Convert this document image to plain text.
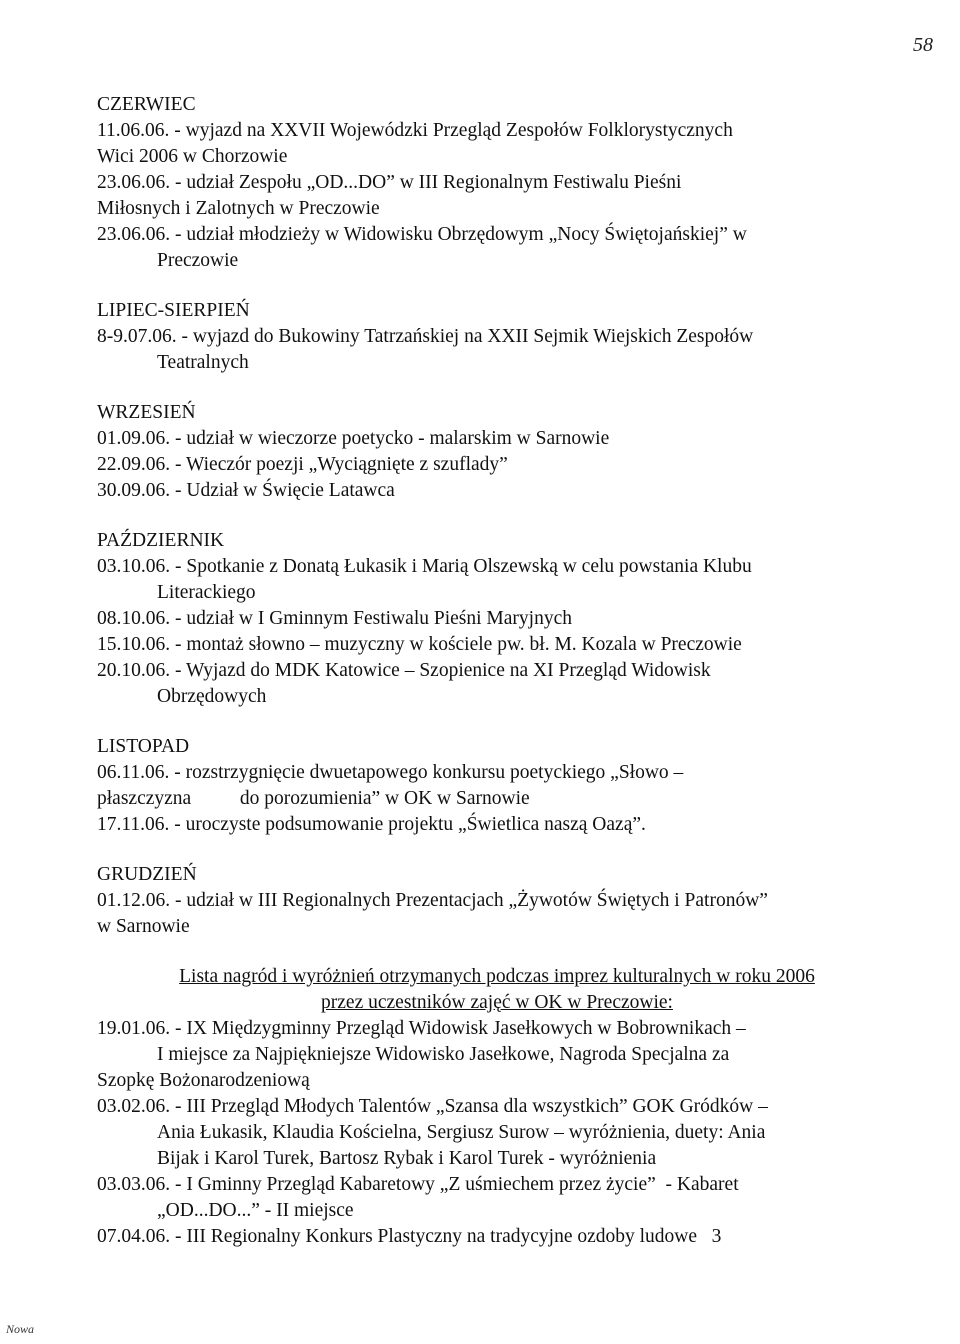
58
CZERWIEC
11.06.06. - wyjazd na XXVII Wojewódzki Przegląd Zespołów Folklorystycznych
Wici 2006 w Chorzowie
23.06.06. - udział Zespołu „OD...DO” w III Regionalnym Festiwalu Pieśni
Miłosnych i Zalotnych w Preczowie
23.06.06. - udział młodzieży w Widowisku Obrzędowym „Nocy Świętojańskiej” w
Preczowie
LIPIEC-SIERPIEŃ
8-9.07.06. - wyjazd do Bukowiny Tatrzańskiej na XXII Sejmik Wiejskich Zespołów
Teatralnych
WRZESIEŃ
01.09.06. - udział w wieczorze poetycko - malarskim w Sarnowie
22.09.06. - Wieczór poezji „Wyciągnięte z szuflady”
30.09.06. - Udział w Święcie Latawca
PAŹDZIERNIK
03.10.06. - Spotkanie z Donatą Łukasik i Marią Olszewską w celu powstania Klubu
Literackiego
08.10.06. - udział w I Gminnym Festiwalu Pieśni Maryjnych
15.10.06. - montaż słowno – muzyczny w kościele pw. bł. M. Kozala w Preczowie
20.10.06. - Wyjazd do MDK Katowice – Szopienice na XI Przegląd Widowisk
Obrzędowych
LISTOPAD
06.11.06. - rozstrzygnięcie dwuetapowego konkursu poetyckiego „Słowo –
płaszczyzna          do porozumienia” w OK w Sarnowie
17.11.06. - uroczyste podsumowanie projektu „Świetlica naszą Oazą”.
GRUDZIEŃ
01.12.06. - udział w III Regionalnych Prezentacjach „Żywotów Świętych i Patronów”
w Sarnowie
Lista nagród i wyróżnień otrzymanych podczas imprez kulturalnych w roku 2006
przez uczestników zajęć w OK w Preczowie:
19.01.06. - IX Międzygminny Przegląd Widowisk Jasełkowych w Bobrownikach –
I miejsce za Najpiękniejsze Widowisko Jasełkowe, Nagroda Specjalna za
Szopkę Bożonarodzeniową
03.02.06. - III Przegląd Młodych Talentów „Szansa dla wszystkich” GOK Gródków –
Ania Łukasik, Klaudia Kościelna, Sergiusz Surow – wyróżnienia, duety: Ania
Bijak i Karol Turek, Bartosz Rybak i Karol Turek - wyróżnienia
03.03.06. - I Gminny Przegląd Kabaretowy „Z uśmiechem przez życie”  - Kabaret
„OD...DO...” - II miejsce
07.04.06. - III Regionalny Konkurs Plastyczny na tradycyjne ozdoby ludowe   3
Nowa
